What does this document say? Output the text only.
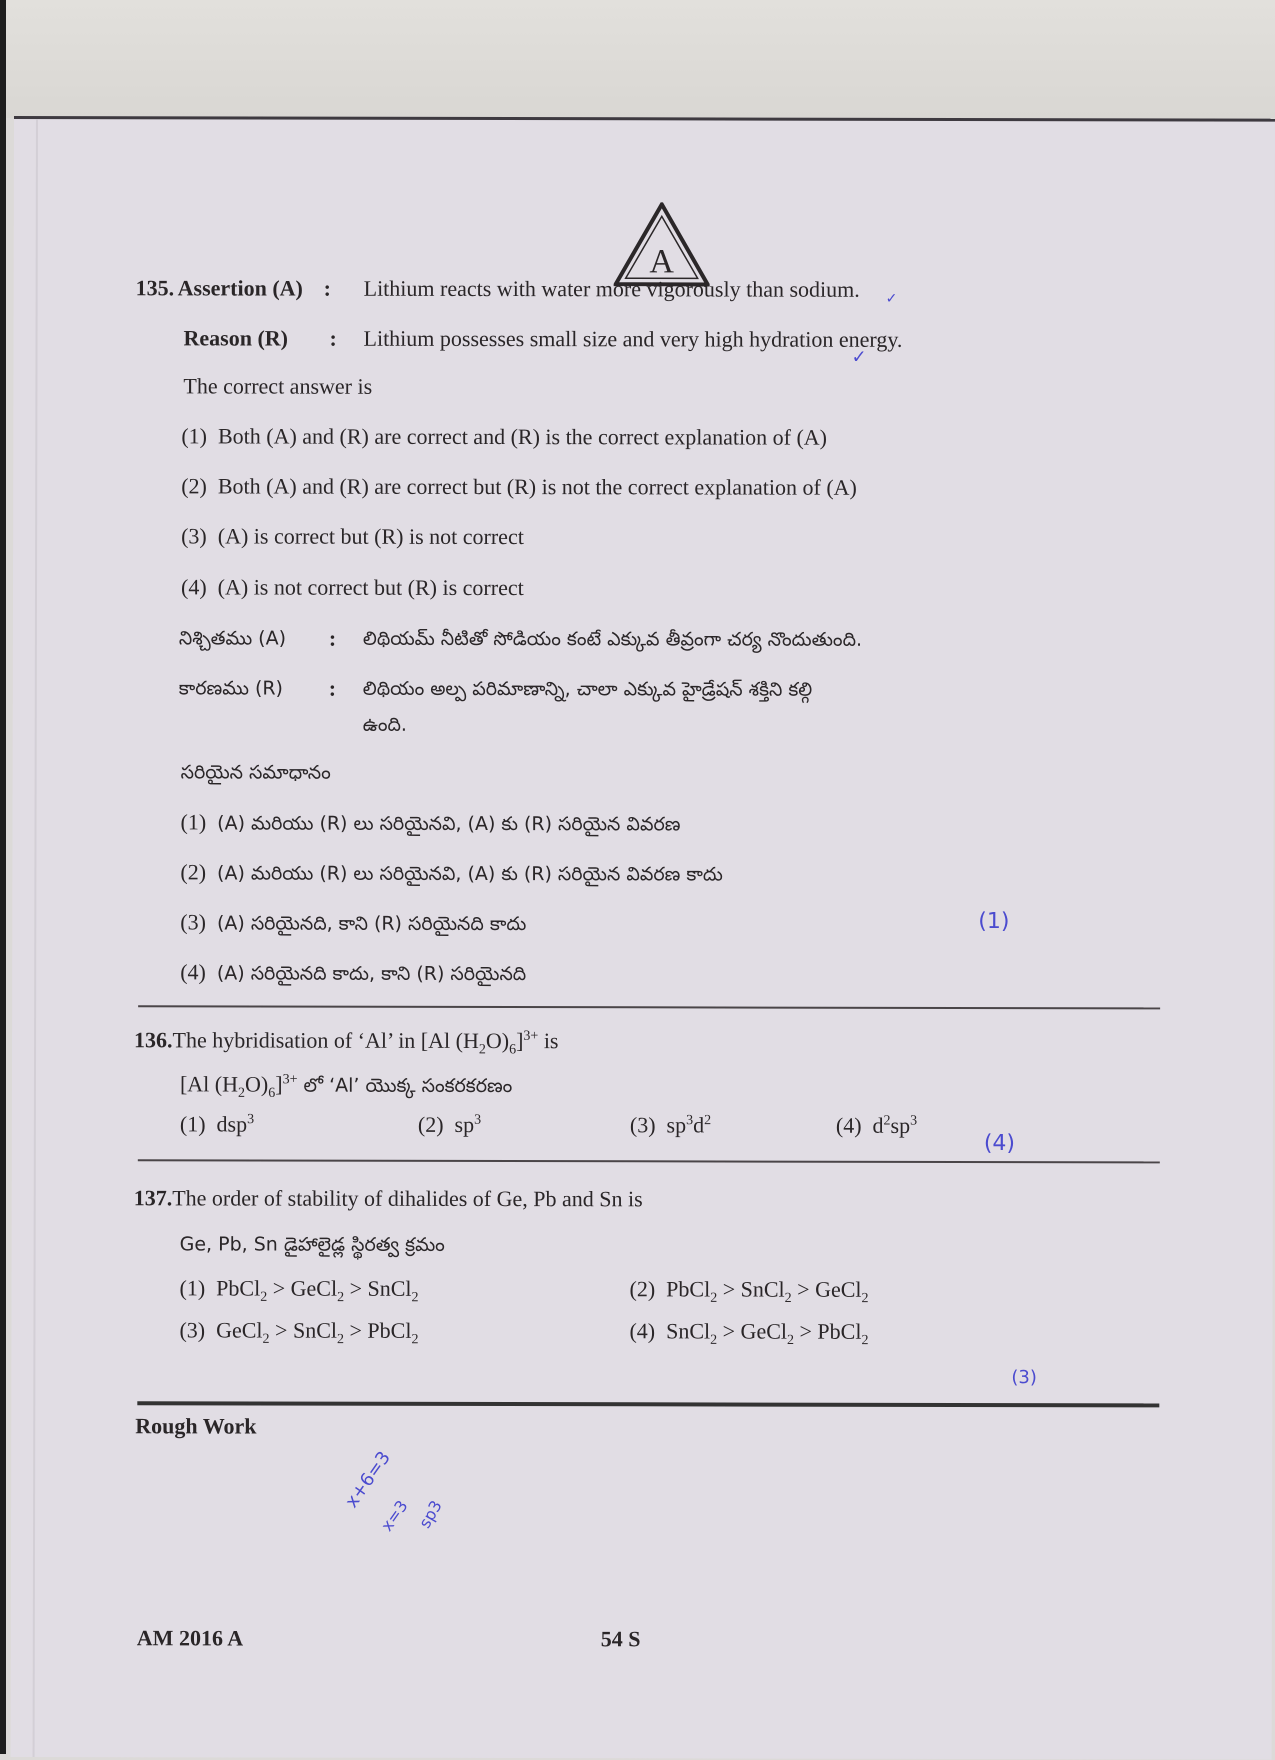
A
135. Assertion (A) : Lithium reacts with water more vigorously than sodium.
Reason (R) : Lithium possesses small size and very high hydration energy.
✓
✓
The correct answer is
(1) Both (A) and (R) are correct and (R) is the correct explanation of (A)
(2) Both (A) and (R) are correct but (R) is not the correct explanation of (A)
(3) (A) is correct but (R) is not correct
(4) (A) is not correct but (R) is correct
నిశ్చితము (A) : లిథియమ్ నీటితో సోడియం కంటే ఎక్కువ తీవ్రంగా చర్య నొందుతుంది.
కారణము (R) : లిథియం అల్ప పరిమాణాన్ని, చాలా ఎక్కువ హైడ్రేషన్ శక్తిని కల్గి
ఉంది.
సరియైన సమాధానం
(1) (A) మరియు (R) లు సరియైనవి, (A) కు (R) సరియైన వివరణ
(2) (A) మరియు (R) లు సరియైనవి, (A) కు (R) సరియైన వివరణ కాదు
(3) (A) సరియైనది, కాని (R) సరియైనది కాదు	(1)
(4) (A) సరియైనది కాదు, కాని (R) సరియైనది
136.The hybridisation of ‘Al’ in [Al $(H_2O)_6]^{3+}$ is
[Al $(H_2O)_6]^{3+}$ లో ‘Al’ యొక్క సంకరకరణం
(1) dsp$^3$	(2) $sp^3$	(3) $sp^3d^2$	(4) $d^2sp^3$
(4)
137.The order of stability of dihalides of Ge, Pb and Sn is
Ge, Pb, Sn డైహాలైడ్ల స్థిరత్వ క్రమం
(1) PbCl$_2$ > GeCl$_2$ > SnCl$_2$	(2) PbCl$_2$ > SnCl$_2$ > GeCl$_2$
(3) GeCl$_2$ > SnCl$_2$ > PbCl$_2$	(4) SnCl$_2$ > GeCl$_2$ > PbCl$_2$
(3)
Rough Work
x+6=3
x=3 sp3
AM 2016 A	54 S
